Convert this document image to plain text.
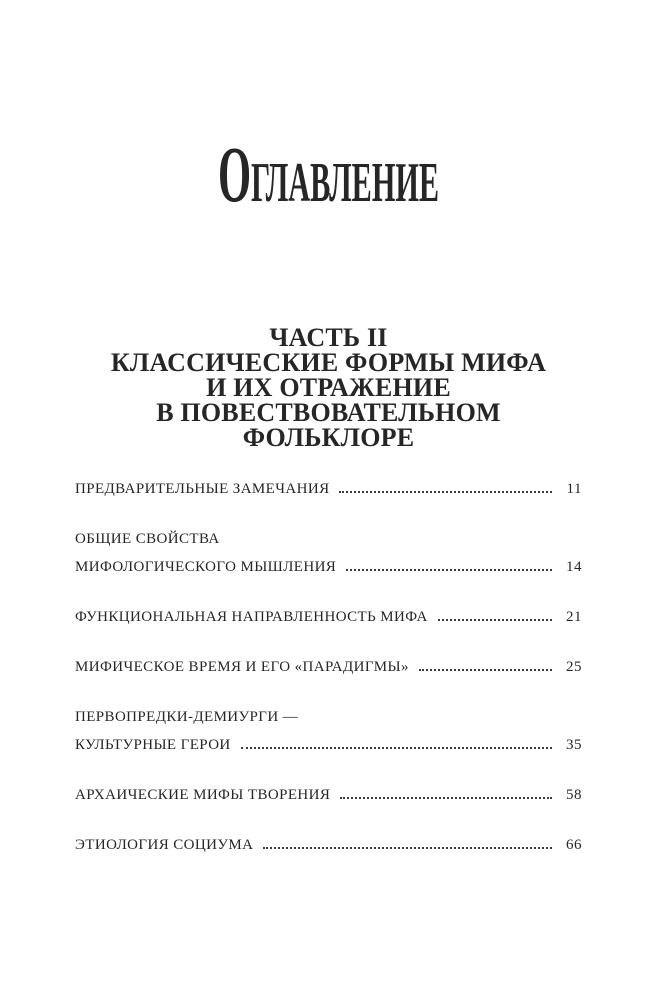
ОГЛАВЛЕНИЕ
ЧАСТЬ II
КЛАССИЧЕСКИЕ ФОРМЫ МИФА
И ИХ ОТРАЖЕНИЕ
В ПОВЕСТВОВАТЕЛЬНОМ
ФОЛЬКЛОРЕ
ПРЕДВАРИТЕЛЬНЫЕ ЗАМЕЧАНИЯ	11
ОБЩИЕ СВОЙСТВА
МИФОЛОГИЧЕСКОГО МЫШЛЕНИЯ	14
ФУНКЦИОНАЛЬНАЯ НАПРАВЛЕННОСТЬ МИФА	21
МИФИЧЕСКОЕ ВРЕМЯ И ЕГО «ПАРАДИГМЫ»	25
ПЕРВОПРЕДКИ-ДЕМИУРГИ —
КУЛЬТУРНЫЕ ГЕРОИ	35
АРХАИЧЕСКИЕ МИФЫ ТВОРЕНИЯ	58
ЭТИОЛОГИЯ СОЦИУМА	66
